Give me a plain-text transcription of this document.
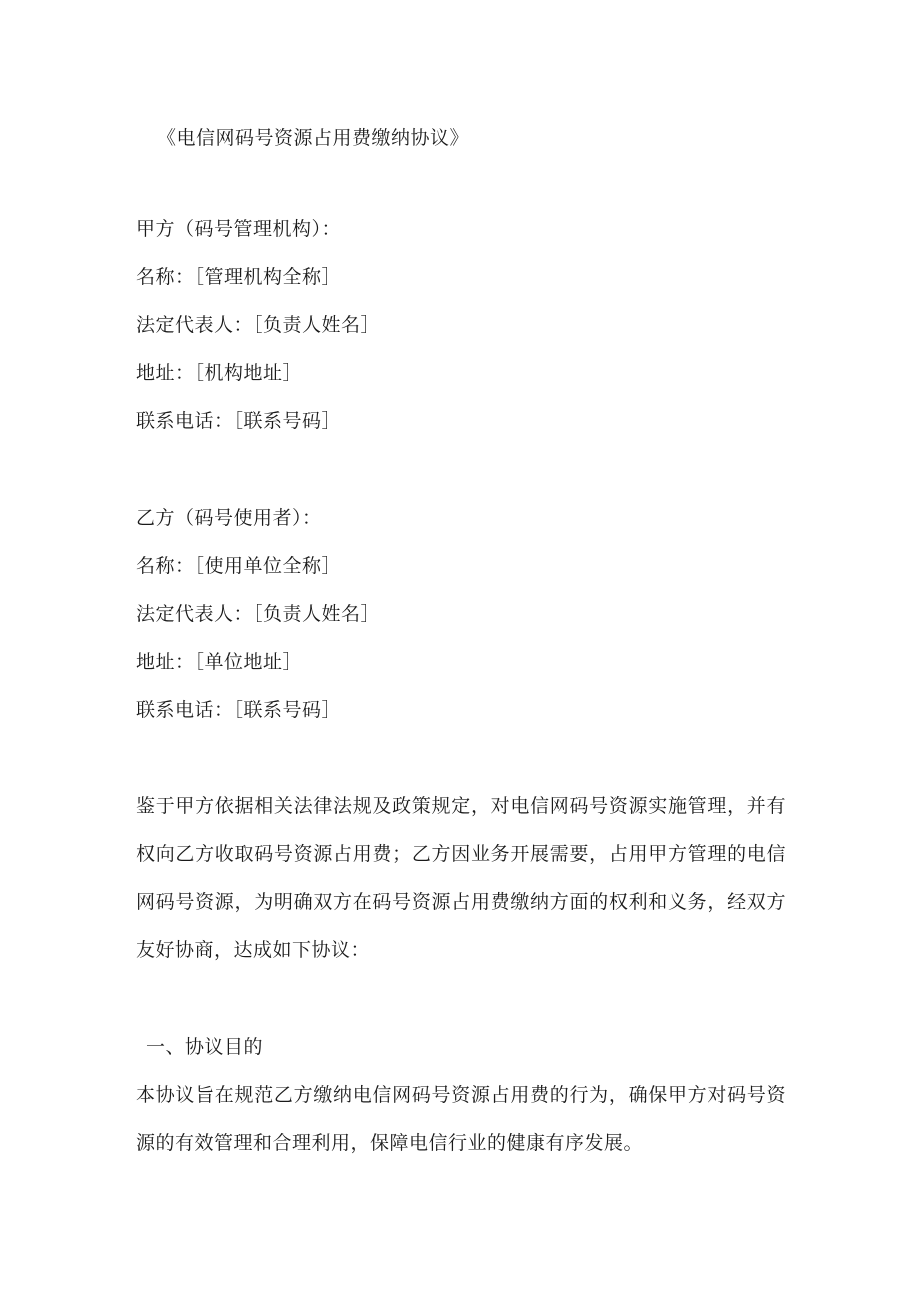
《电信网码号资源占用费缴纳协议》
甲方（码号管理机构）：
名称：［管理机构全称］
法定代表人：［负责人姓名］
地址：［机构地址］
联系电话：［联系号码］
乙方（码号使用者）：
名称：［使用单位全称］
法定代表人：［负责人姓名］
地址：［单位地址］
联系电话：［联系号码］
鉴于甲方依据相关法律法规及政策规定，对电信网码号资源实施管理，并有权向乙方收取码号资源占用费；乙方因业务开展需要，占用甲方管理的电信网码号资源，为明确双方在码号资源占用费缴纳方面的权利和义务，经双方友好协商，达成如下协议：
一、协议目的
本协议旨在规范乙方缴纳电信网码号资源占用费的行为，确保甲方对码号资源的有效管理和合理利用，保障电信行业的健康有序发展。
